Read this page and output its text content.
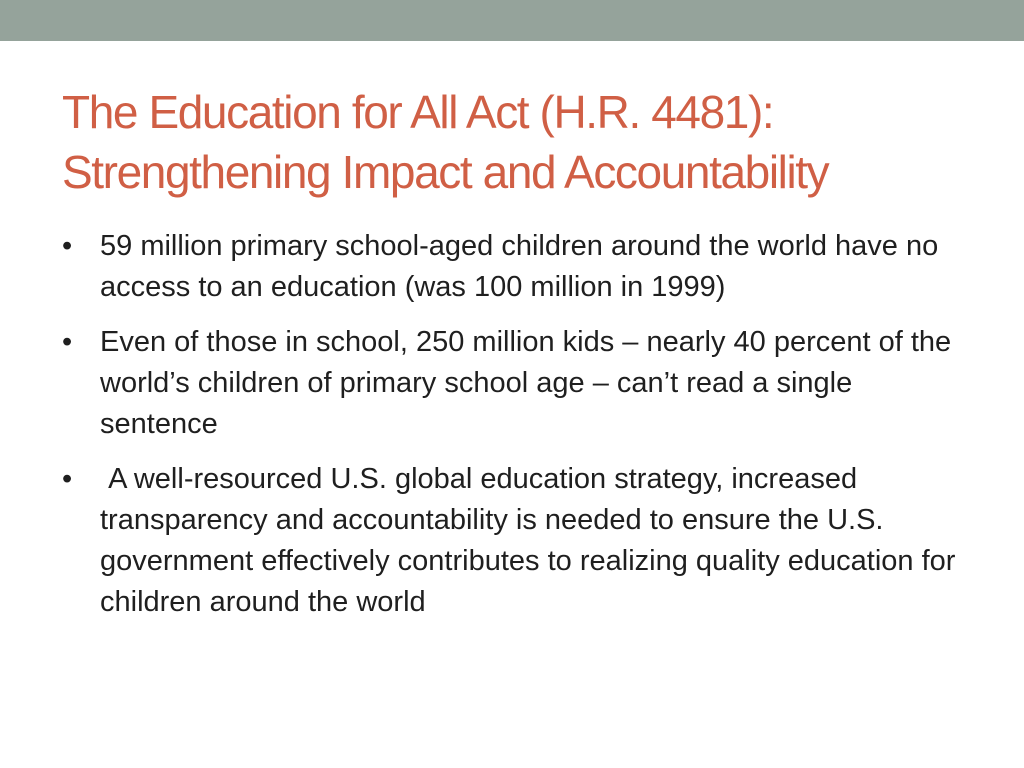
The Education for All Act (H.R. 4481):
Strengthening Impact and Accountability
• 59 million primary school-aged children around the world have no access to an education (was 100 million in 1999)
• Even of those in school, 250 million kids – nearly 40 percent of the world’s children of primary school age – can’t read a single sentence
• A well-resourced U.S. global education strategy, increased transparency and accountability is needed to ensure the U.S. government effectively contributes to realizing quality education for children around the world
